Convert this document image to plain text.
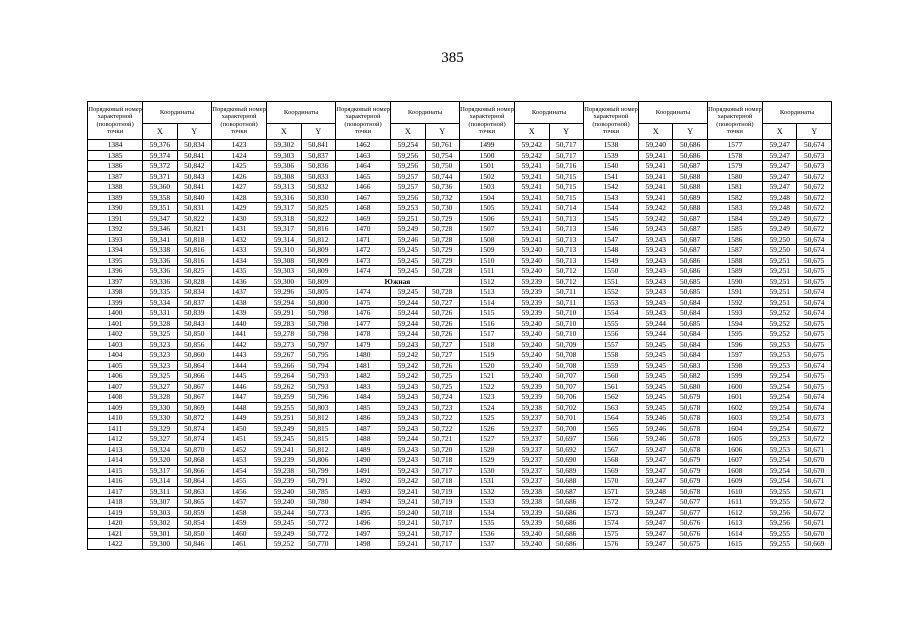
385
Порядковый номер характерной (поворотной) точки	Координаты		Порядковый номер характерной (поворотной) точки	Координаты		Порядковый номер характерной (поворотной) точки	Координаты		Порядковый номер характерной (поворотной) точки	Координаты		Порядковый номер характерной (поворотной) точки	Координаты		Порядковый номер характерной (поворотной) точки	Координаты	
	X	Y		X	Y		X	Y		X	Y		X	Y		X	Y
1384	59,376	50,834	1423	59,302	50,841	1462	59,254	50,761	1499	59,242	50,717	1538	59,240	50,686	1577	59,247	50,674
1385	59,374	50,841	1424	59,303	50,837	1463	59,256	50,754	1500	59,242	50,717	1539	59,241	50,686	1578	59,247	50,673
1386	59,372	50,842	1425	59,306	50,836	1464	59,256	50,750	1501	59,241	50,716	1540	59,241	50,687	1579	59,247	50,673
1387	59,371	50,843	1426	59,308	50,833	1465	59,257	50,744	1502	59,241	50,715	1541	59,241	50,688	1580	59,247	50,672
1388	59,360	50,841	1427	59,313	50,832	1466	59,257	50,736	1503	59,241	50,715	1542	59,241	50,688	1581	59,247	50,672
1389	59,358	50,840	1428	59,316	50,830	1467	59,256	50,732	1504	59,241	50,715	1543	59,241	50,689	1582	59,248	50,672
1390	59,351	50,831	1429	59,317	50,825	1468	59,253	50,730	1505	59,241	50,714	1544	59,242	50,688	1583	59,248	50,672
1391	59,347	50,822	1430	59,318	50,822	1469	59,251	50,729	1506	59,241	50,713	1545	59,242	50,687	1584	59,249	50,672
1392	59,346	50,821	1431	59,317	50,816	1470	59,249	50,728	1507	59,241	50,713	1546	59,243	50,687	1585	59,249	50,672
1393	59,341	50,818	1432	59,314	50,812	1471	59,246	50,728	1508	59,241	50,713	1547	59,243	50,687	1586	59,250	50,674
1394	59,338	50,816	1433	59,310	50,809	1472	59,245	50,729	1509	59,240	50,713	1548	59,243	50,687	1587	59,250	50,674
1395	59,336	50,816	1434	59,308	50,809	1473	59,245	50,729	1510	59,240	50,713	1549	59,243	50,686	1588	59,251	50,675
1396	59,336	50,825	1435	59,303	50,809	1474	59,245	50,728	1511	59,240	50,712	1550	59,243	50,686	1589	59,251	50,675
1397	59,336	50,828	1436	59,300	50,809	Южная			1512	59,239	50,712	1551	59,243	50,685	1590	59,251	50,675
1398	59,335	50,834	1437	59,296	50,805	1474	59,245	50,728	1513	59,239	50,711	1552	59,243	50,685	1591	59,251	50,674
1399	59,334	50,837	1438	59,294	50,800	1475	59,244	50,727	1514	59,239	50,711	1553	59,243	50,684	1592	59,251	50,674
1400	59,331	50,839	1439	59,291	50,798	1476	59,244	50,726	1515	59,239	50,710	1554	59,243	50,684	1593	59,252	50,674
1401	59,328	50,843	1440	59,283	50,798	1477	59,244	50,726	1516	59,240	50,710	1555	59,244	50,685	1594	59,252	50,675
1402	59,325	50,850	1441	59,278	50,798	1478	59,244	50,726	1517	59,240	50,710	1556	59,244	50,684	1595	59,252	50,675
1403	59,323	50,856	1442	59,273	50,797	1479	59,243	50,727	1518	59,240	50,709	1557	59,245	50,684	1596	59,253	50,675
1404	59,323	50,860	1443	59,267	50,795	1480	59,242	50,727	1519	59,240	50,708	1558	59,245	50,684	1597	59,253	50,675
1405	59,323	50,864	1444	59,266	50,794	1481	59,242	50,726	1520	59,240	50,708	1559	59,245	50,683	1598	59,253	50,674
1406	59,325	50,866	1445	59,264	50,793	1482	59,242	50,725	1521	59,240	50,707	1560	59,245	50,682	1599	59,254	50,675
1407	59,327	50,867	1446	59,262	50,793	1483	59,243	50,725	1522	59,239	50,707	1561	59,245	50,680	1600	59,254	50,675
1408	59,328	50,867	1447	59,259	50,796	1484	59,243	50,724	1523	59,239	50,706	1562	59,245	50,679	1601	59,254	50,674
1409	59,330	50,869	1448	59,255	50,803	1485	59,243	50,723	1524	59,238	50,702	1563	59,245	50,678	1602	59,254	50,674
1410	59,330	50,872	1449	59,251	50,812	1486	59,243	50,722	1525	59,237	50,701	1564	59,246	50,678	1603	59,254	50,673
1411	59,329	50,874	1450	59,249	50,815	1487	59,243	50,722	1526	59,237	50,700	1565	59,246	50,678	1604	59,254	50,672
1412	59,327	50,874	1451	59,245	50,815	1488	59,244	50,721	1527	59,237	50,697	1566	59,246	50,678	1605	59,253	50,672
1413	59,324	50,870	1452	59,241	50,812	1489	59,243	50,720	1528	59,237	50,692	1567	59,247	50,678	1606	59,253	50,671
1414	59,320	50,868	1453	59,239	50,806	1490	59,243	50,718	1529	59,237	50,690	1568	59,247	50,679	1607	59,254	50,670
1415	59,317	50,866	1454	59,238	50,799	1491	59,243	50,717	1530	59,237	50,689	1569	59,247	50,679	1608	59,254	50,670
1416	59,314	50,864	1455	59,239	50,791	1492	59,242	50,718	1531	59,237	50,688	1570	59,247	50,679	1609	59,254	50,671
1417	59,311	50,863	1456	59,240	50,785	1493	59,241	50,719	1532	59,238	50,687	1571	59,248	50,678	1610	59,255	50,671
1418	59,307	50,865	1457	59,240	50,780	1494	59,241	50,719	1533	59,238	50,686	1572	59,247	50,677	1611	59,255	50,672
1419	59,303	50,859	1458	59,244	50,773	1495	59,240	50,718	1534	59,239	50,686	1573	59,247	50,677	1612	59,256	50,672
1420	59,302	50,854	1459	59,245	50,772	1496	59,241	50,717	1535	59,239	50,686	1574	59,247	50,676	1613	59,256	50,671
1421	59,301	50,850	1460	59,249	50,772	1497	59,241	50,717	1536	59,240	50,686	1575	59,247	50,676	1614	59,255	50,670
1422	59,300	50,846	1461	59,252	50,770	1498	59,241	50,717	1537	59,240	50,686	1576	59,247	50,675	1615	59,255	50,669
